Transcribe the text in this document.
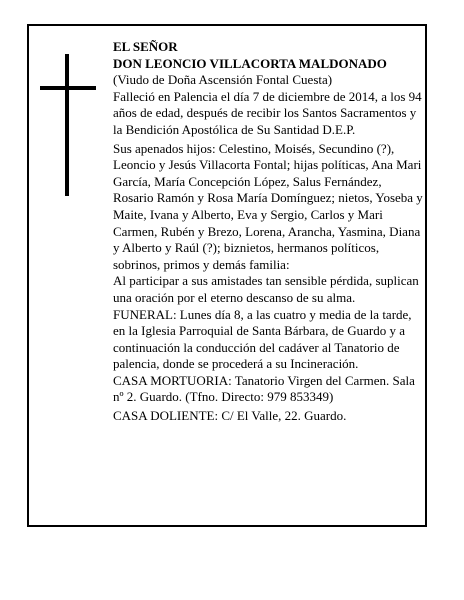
EL SEÑOR

DON LEONCIO VILLACORTA MALDONADO

(Viudo de Doña Ascensión Fontal Cuesta)

Falleció en Palencia el día 7 de diciembre de 2014, a los 94 años de edad, después de recibir los Santos Sacramentos y la Bendición Apostólica de Su Santidad D.E.P.

Sus apenados hijos: Celestino, Moisés, Secundino (?), Leoncio y Jesús Villacorta Fontal; hijas políticas, Ana Mari García, María Concepción López, Salus Fernández, Rosario Ramón y Rosa María Domínguez; nietos, Yoseba y Maite, Ivana y Alberto, Eva y Sergio, Carlos y Mari Carmen, Rubén y Brezo, Lorena, Arancha, Yasmina, Diana y Alberto y Raúl (?); biznietos, hermanos políticos, sobrinos, primos y demás familia:

Al participar a sus amistades tan sensible pérdida, suplican una oración por el eterno descanso de su alma.

FUNERAL: Lunes día 8, a las cuatro y media de la tarde, en la Iglesia Parroquial de Santa Bárbara, de Guardo y a continuación la conducción del cadáver al Tanatorio de palencia, donde se procederá a su Incineración.

CASA MORTUORIA: Tanatorio Virgen del Carmen. Sala nº 2. Guardo. (Tfno. Directo: 979 853349)

CASA DOLIENTE: C/ El Valle, 22. Guardo.
